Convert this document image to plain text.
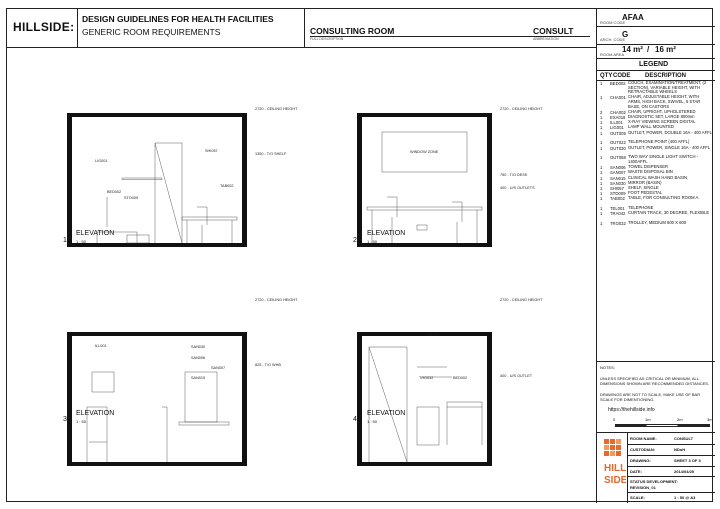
HILLSIDE:
DESIGN GUIDELINES FOR HEALTH FACILITIES
GENERIC ROOM REQUIREMENTS	CONSULTING ROOM
FULL DESCRIPTION
CONSULT
ABBREVIATION
2720 - CEILING HEIGHT
1350 - T/O SHELF
LIG001
SHI057
BED002
STO009
TAB002
ELEVATION
1 1 : 50
2720 - CEILING HEIGHT
750 - T/O DESK
400 - U/S OUTLETS
WINDOW ZONE
ELEVATION
2	1 : 50
2720 - CEILING HEIGHT
825 - T/O WHB
ILL001	SAN030
SAN006
SAN007
SAN015
ELEVATION
3 1 : 50
2720 - CEILING HEIGHT
400 - U/S OUTLET
EXA016
TRO032	BED002
ELEVATION
4	1 : 50
ROOM CODE
AFAA
ARCH. CODE
G
ROOM AREA
14 m² / 16 m²
LEGEND
QTY CODE DESCRIPTION
1 BED002 COUCH, EXAMINATION/TREATMENT, (2 SECTION), VARIABLE HEIGHT, WITH RETRACTABLE WHEELS
1 CHA001 CHAIR, ADJUSTABLE HEIGHT, WITH ARMS, HIGH BACK, SWIVEL, 5 STAR BASE, ON CASTORS
2 CHA002 CHAIR, UPRIGHT, UPHOLSTERED
1 EXA016 DIAGNOSTIC SET, LARGE 800mm
1 ILL001 X-RAY VIEWING SCREEN DIGITAL
1 LIG001 LAMP WALL MOUNTED
1 OUT009 OUTLET, POWER, DOUBLE 16A - 400 AFFL
1 OUT022 TELEPHONE POINT (400 AFFL)
1 OUT030 OUTLET, POWER, SINGLE 16A - 400 AFFL
1 OUT058 TWO WAY SINGLE LIGHT SWITCH - 1400AFFL
1 SAN006 TOWEL DISPENSER
1 SAN007 WASTE DISPOSAL BIN
1 SAN015 CLINICAL WASH HAND BASIN
1 SAN030 MIRROR (BASIN)
1 SHI057 SHELF, SINGLE
1 STO009 FOOT PEDESTAL
1 TAB002 TABLE, FOR CONSULTING ROOM A.
1 TEL001 TELEPHONE
1 TRA042 CURTAIN TRACK, 30 DEGREE, FLEXIBLE
1 TRO032 TROLLEY, MEDIUM 600 X 600
NOTES:
UNLESS SPECIFIED AS CRITICAL OR MINIMUM, ALL DIMENSIONS SHOWN ARE RECOMMENDED DISTANCES.
DRAWINGS ARE NOT TO SCALE, MAKE USE OF BAR SCALE FOR DIMENTIONING.
https://thehillside.info
0	1m	2m	3m
HILL
SIDE
ROOM NAME:	CONSULT
CUSTODIAN:	NDoH
DRAWING:	SHEET 3 OF 3
DATE:	2014/04/25
STATUS DEVELOPMENT:
REVISION_01
SCALE:	1 : 50 @ A3
